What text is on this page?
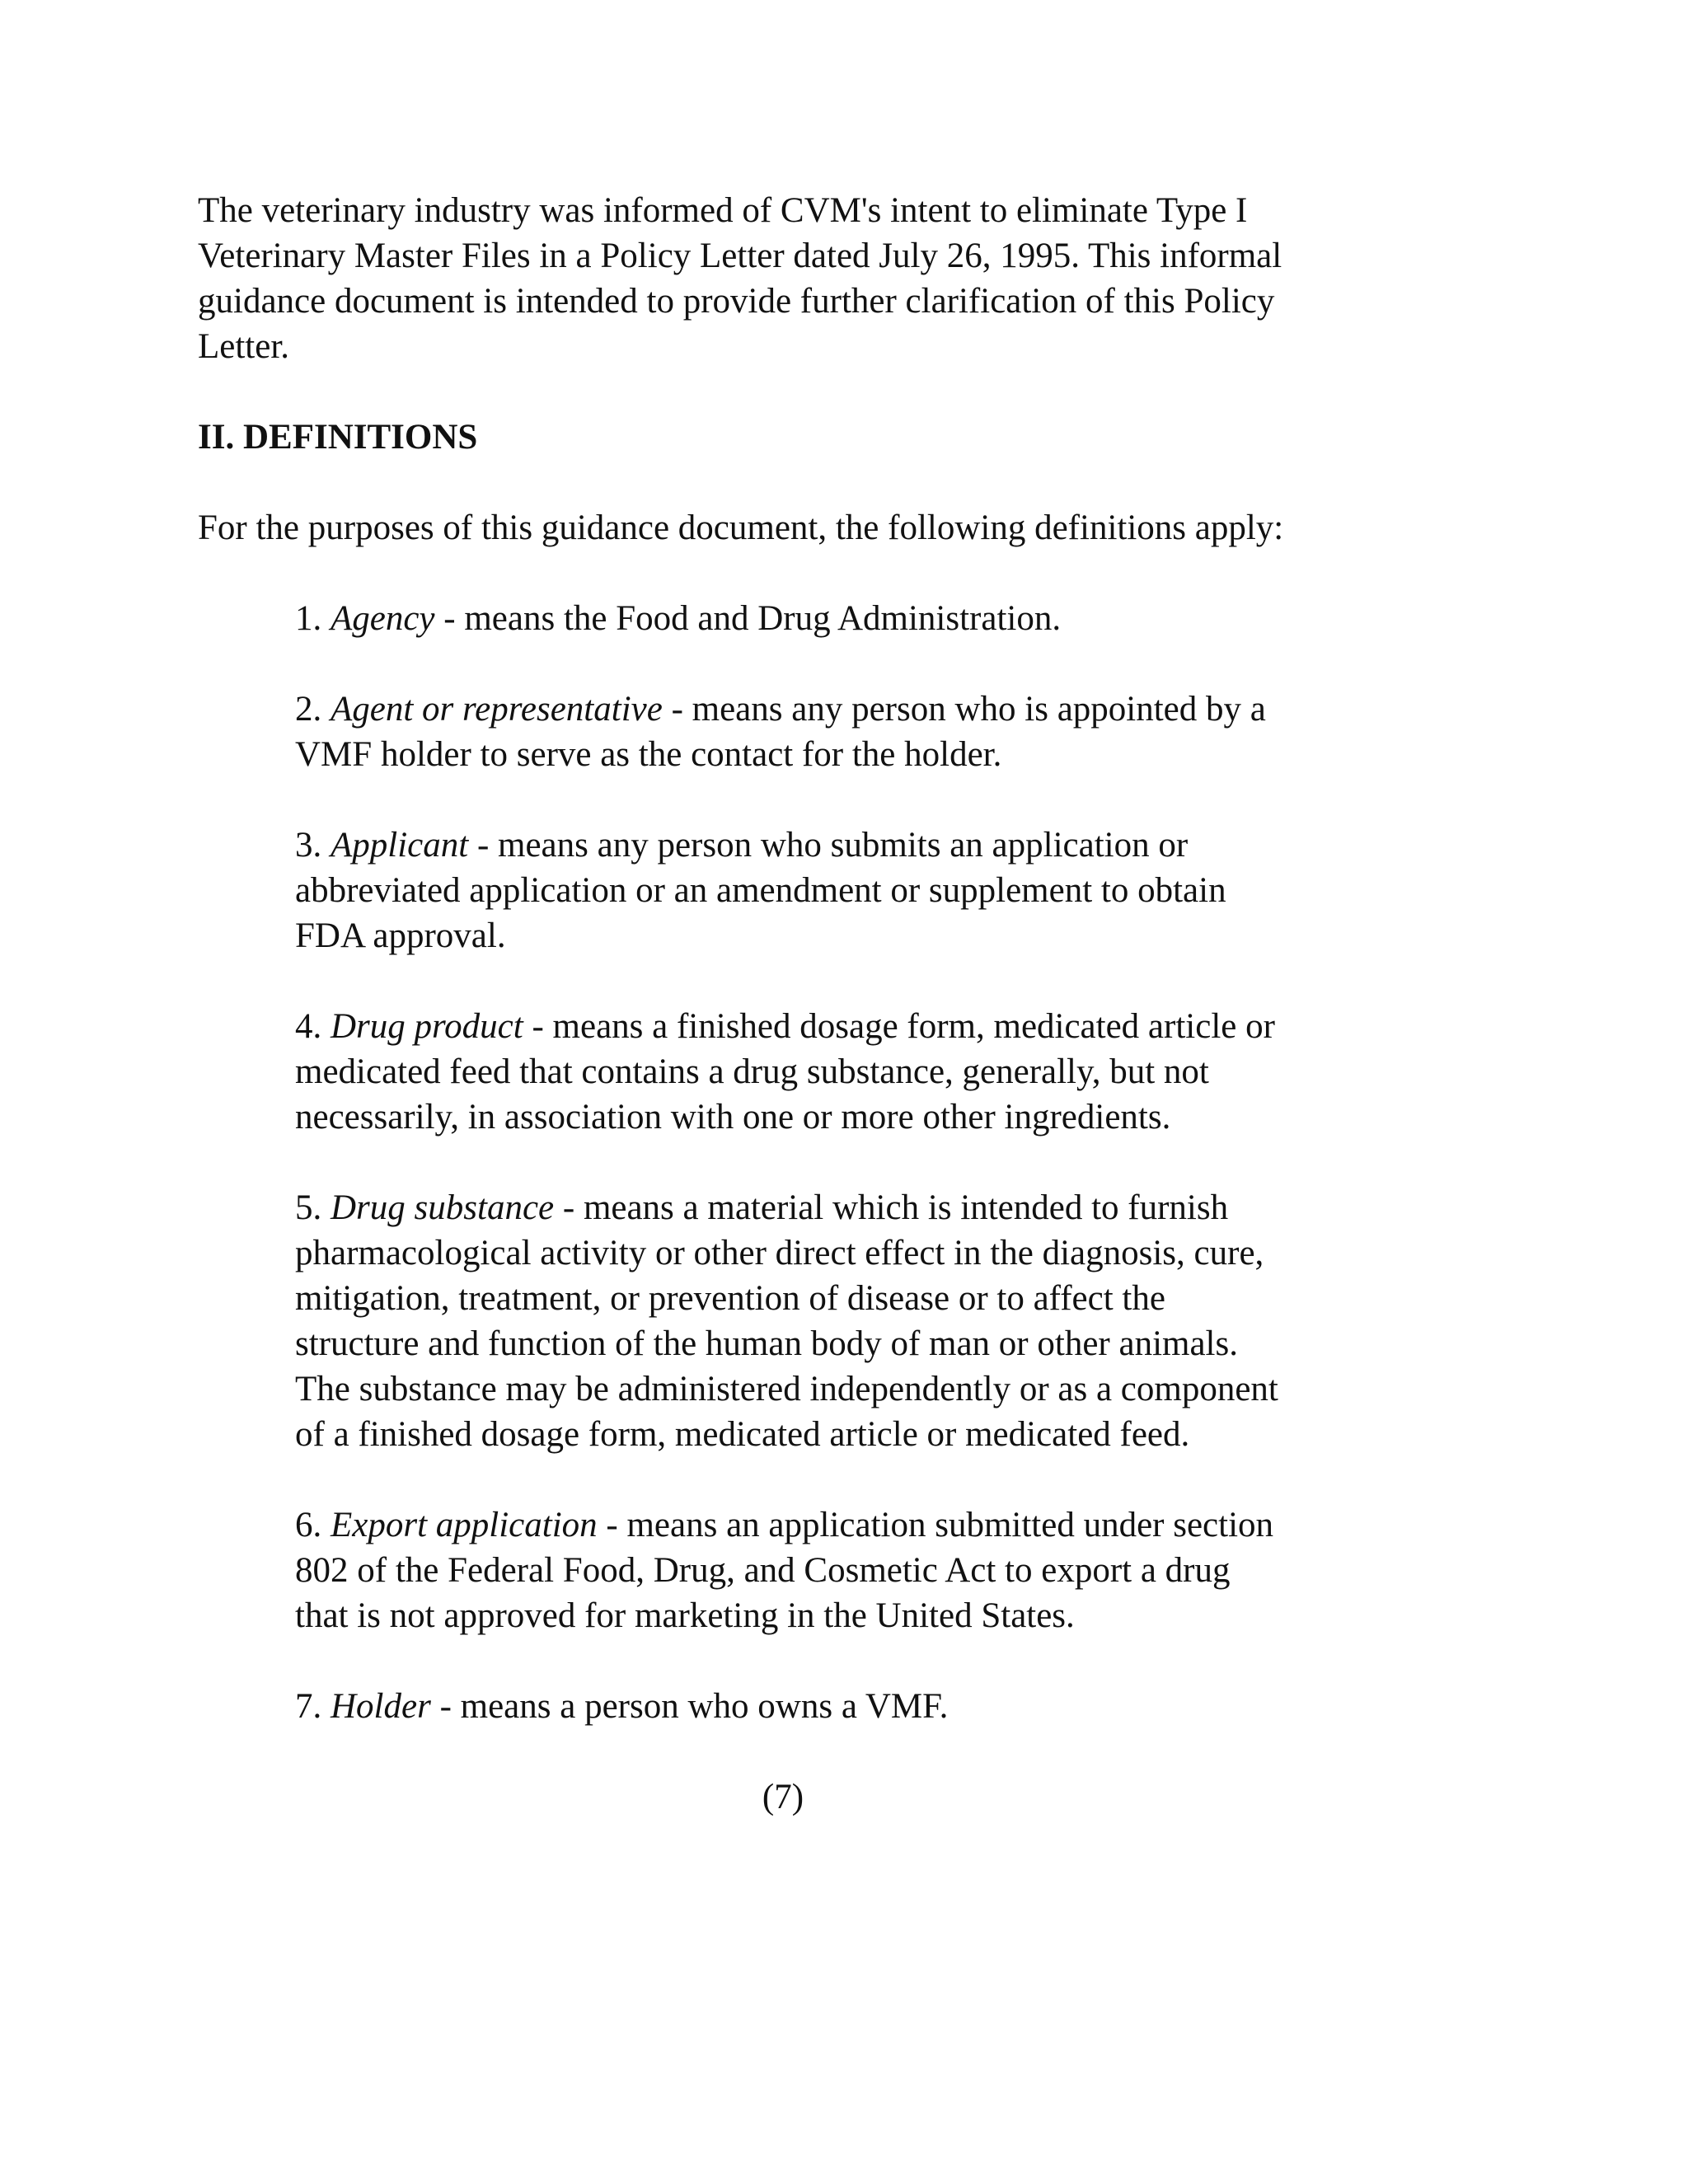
The veterinary industry was informed of CVM's intent to eliminate Type I
Veterinary Master Files in a Policy Letter dated July 26, 1995. This informal
guidance document is intended to provide further clarification of this Policy
Letter.

II. DEFINITIONS

For the purposes of this guidance document, the following definitions apply:

1. Agency - means the Food and Drug Administration.

2. Agent or representative - means any person who is appointed by a
VMF holder to serve as the contact for the holder.

3. Applicant - means any person who submits an application or
abbreviated application or an amendment or supplement to obtain
FDA approval.

4. Drug product - means a finished dosage form, medicated article or
medicated feed that contains a drug substance, generally, but not
necessarily, in association with one or more other ingredients.

5. Drug substance - means a material which is intended to furnish
pharmacological activity or other direct effect in the diagnosis, cure,
mitigation, treatment, or prevention of disease or to affect the
structure and function of the human body of man or other animals.
The substance may be administered independently or as a component
of a finished dosage form, medicated article or medicated feed.

6. Export application - means an application submitted under section
802 of the Federal Food, Drug, and Cosmetic Act to export a drug
that is not approved for marketing in the United States.

7. Holder - means a person who owns a VMF.

(7)
